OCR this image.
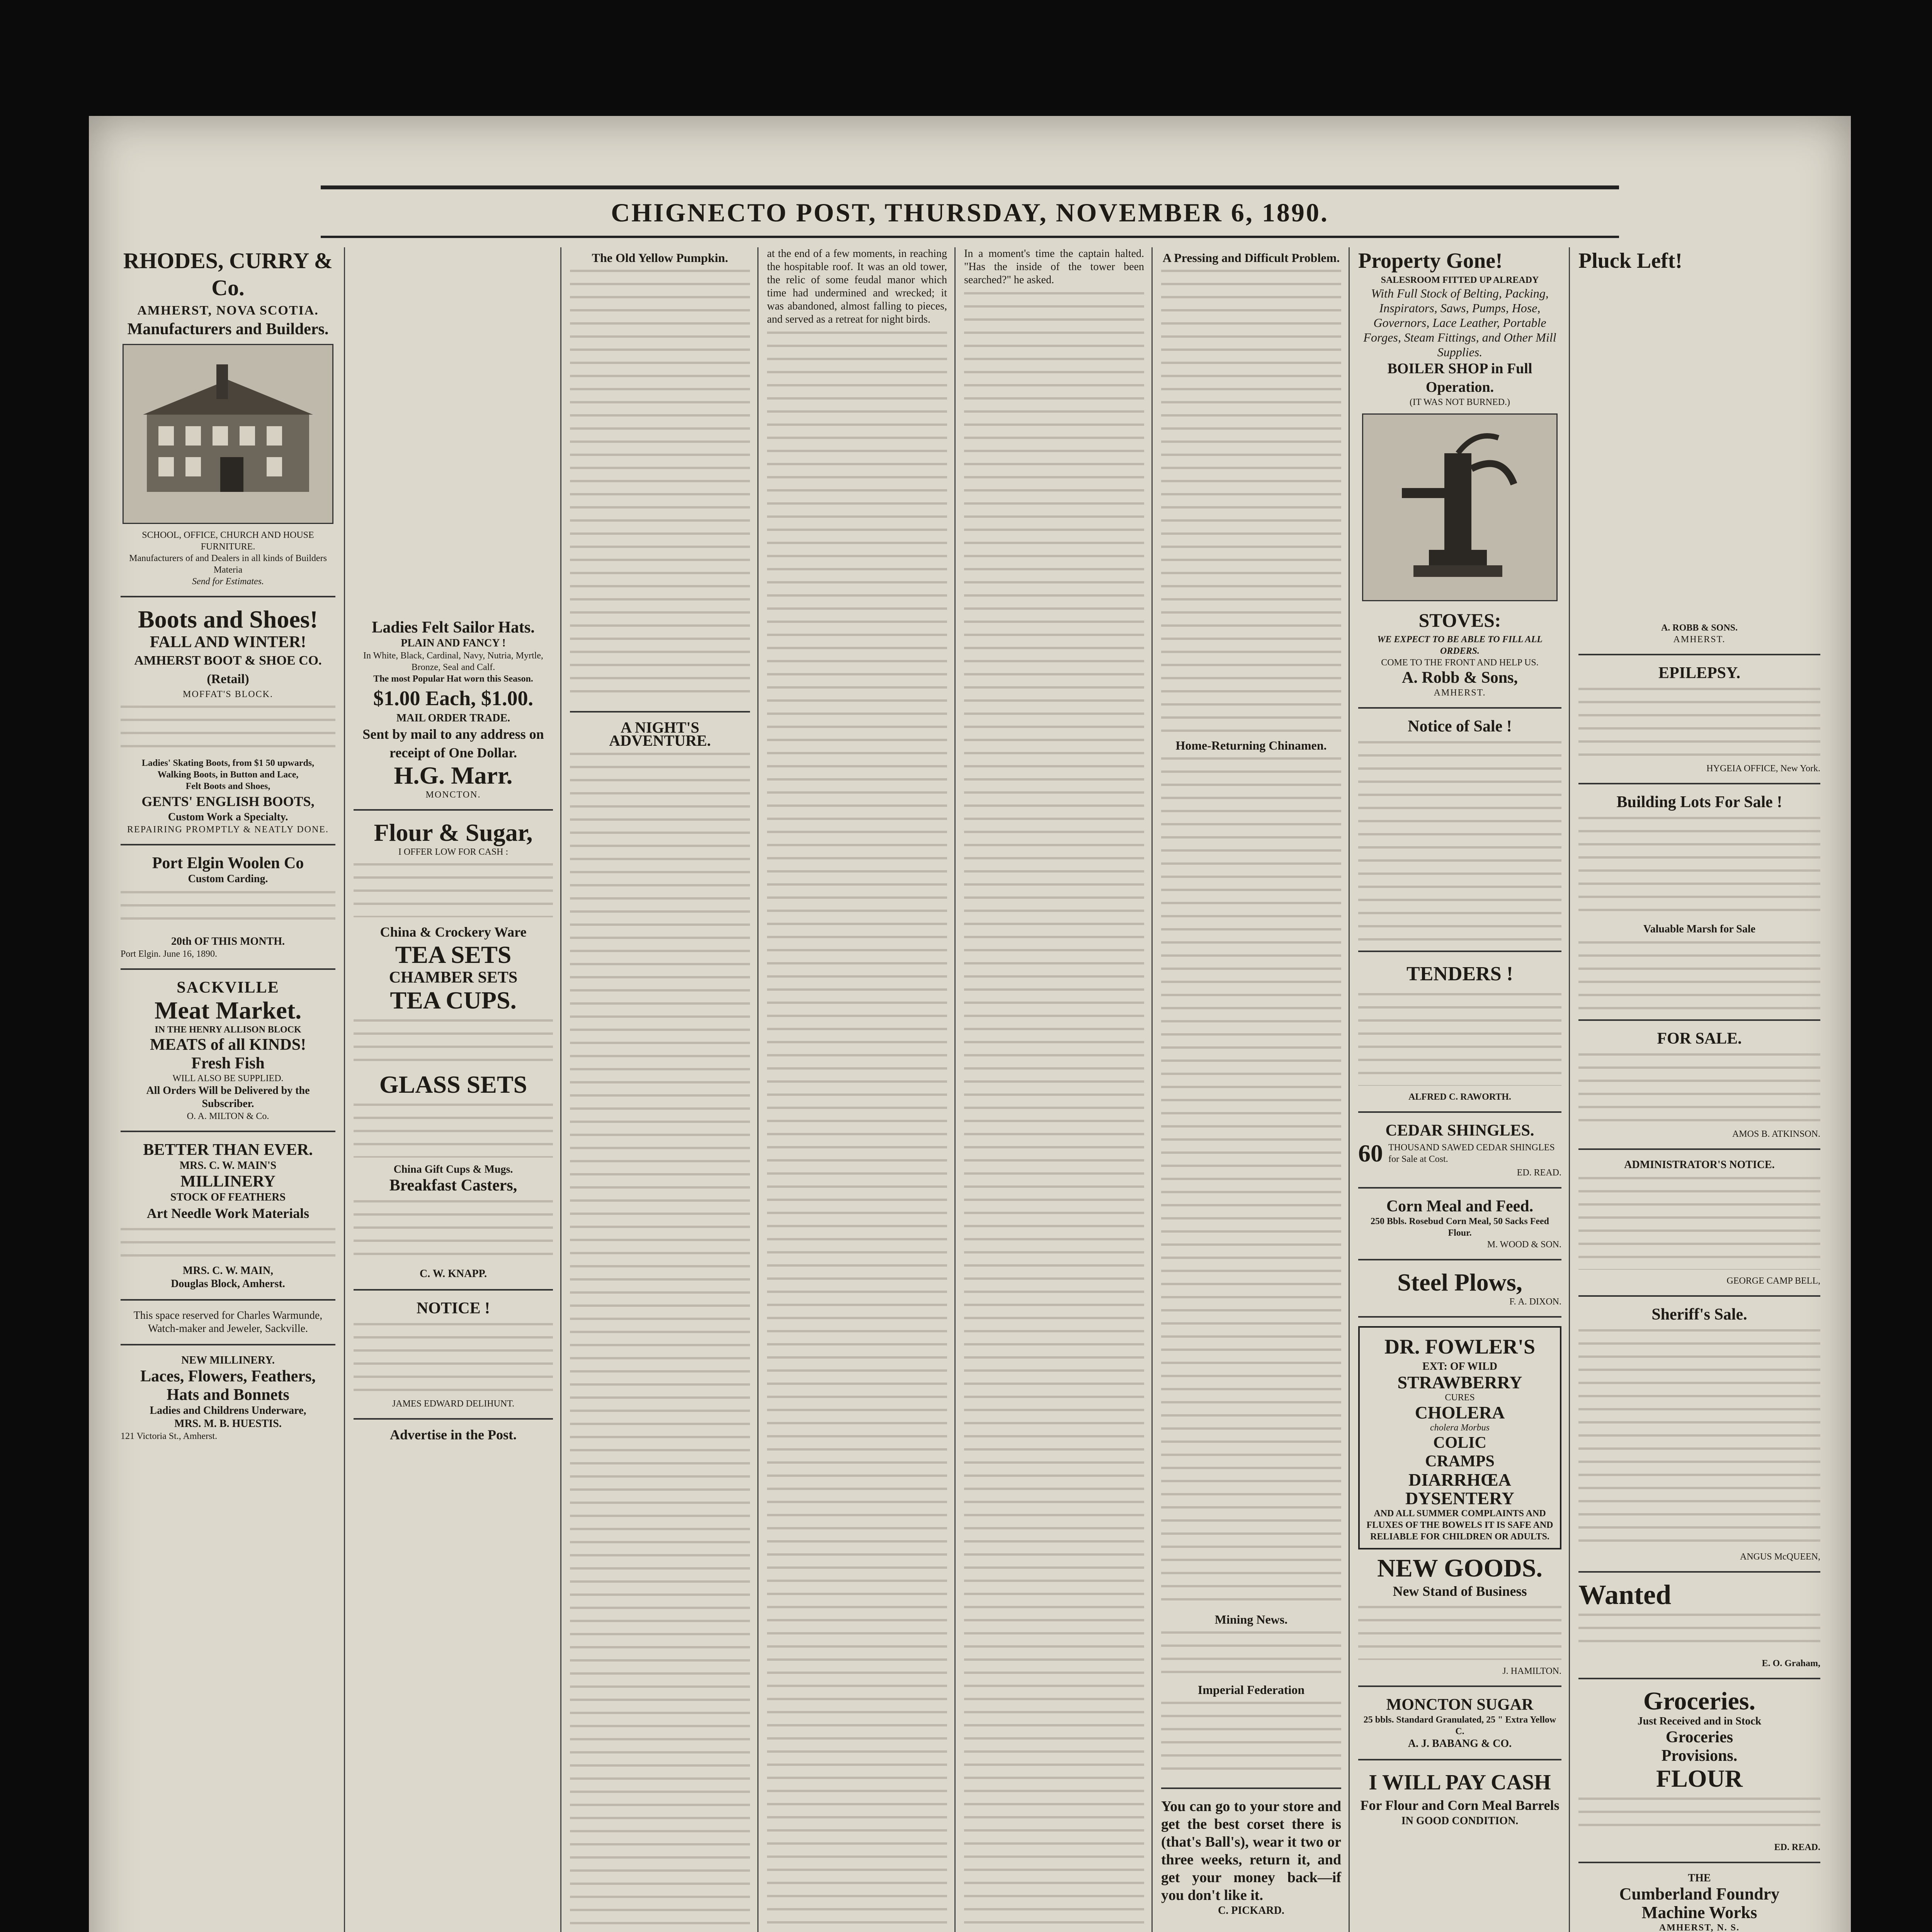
CHIGNECTO POST, THURSDAY, NOVEMBER 6, 1890.
RHODES, CURRY & Co.
AMHERST, NOVA SCOTIA.
Manufacturers and Builders.
SCHOOL, OFFICE, CHURCH AND HOUSE FURNITURE.
Manufacturers of and Dealers in all kinds of Builders Materia
Send for Estimates.
Boots and Shoes!
FALL AND WINTER!
AMHERST BOOT & SHOE CO. (Retail)
MOFFAT'S BLOCK.
Ladies' Skating Boots, from $1 50 upwards,
Walking Boots, in Button and Lace,
Felt Boots and Shoes,
GENTS' ENGLISH BOOTS,
Custom Work a Specialty.
REPAIRING PROMPTLY & NEATLY DONE.
Port Elgin Woolen Co
Custom Carding.
20th OF THIS MONTH.
Port Elgin. June 16, 1890.
SACKVILLE
Meat Market.
IN THE HENRY ALLISON BLOCK
MEATS of all KINDS!
Fresh Fish
WILL ALSO BE SUPPLIED.
All Orders Will be Delivered by the Subscriber.
O. A. MILTON & Co.
BETTER THAN EVER.
MRS. C. W. MAIN'S
MILLINERY
STOCK OF FEATHERS
Art Needle Work Materials
MRS. C. W. MAIN,
Douglas Block, Amherst.
This space reserved for Charles Warmunde, Watch-maker and Jeweler, Sackville.
NEW MILLINERY.
Laces, Flowers, Feathers,
Hats and Bonnets
Ladies and Childrens Underware,
MRS. M. B. HUESTIS.
121 Victoria St., Amherst.
Ladies Felt Sailor Hats.
PLAIN AND FANCY !
In White, Black, Cardinal, Navy, Nutria, Myrtle, Bronze, Seal and Calf.
The most Popular Hat worn this Season.
$1.00 Each, $1.00.
MAIL ORDER TRADE.
Sent by mail to any address on receipt of One Dollar.
H.G. Marr.
MONCTON.
Flour & Sugar,
I OFFER LOW FOR CASH :
China & Crockery Ware
TEA SETS
CHAMBER SETS
TEA CUPS.
GLASS SETS
China Gift Cups & Mugs.
Breakfast Casters,
C. W. KNAPP.
NOTICE !
JAMES EDWARD DELIHUNT.
Advertise in the Post.
The Old Yellow Pumpkin.
A NIGHT'S ADVENTURE.

at the end of a few moments, in reaching the hospitable roof. It was an old tower, the relic of some feudal manor which time had undermined and wrecked; it was abandoned, almost falling to pieces, and served as a retreat for night birds.

In a moment's time the captain halted. "Has the inside of the tower been searched?" he asked.

A Pressing and Difficult Problem.
Home-Returning Chinamen.
Mining News.
Imperial Federation
You can go to your store and get the best corset there is (that's Ball's), wear it two or three weeks, return it, and get your money back—if you don't like it.
C. PICKARD.
Property Gone!
SALESROOM FITTED UP ALREADY
With Full Stock of Belting, Packing, Inspirators, Saws, Pumps, Hose, Governors, Lace Leather, Portable Forges, Steam Fittings, and Other Mill Supplies.
BOILER SHOP in Full Operation.
(IT WAS NOT BURNED.)
STOVES:
WE EXPECT TO BE ABLE TO FILL ALL ORDERS.
COME TO THE FRONT AND HELP US.
A. Robb & Sons,
AMHERST.
Notice of Sale !
TENDERS !
ALFRED C. RAWORTH.
CEDAR SHINGLES.
60 THOUSAND SAWED CEDAR SHINGLES for Sale at Cost.
ED. READ.
Corn Meal and Feed.
250 Bbls. Rosebud Corn Meal, 50 Sacks Feed Flour.
M. WOOD & SON.
Steel Plows,
F. A. DIXON.
DR. FOWLER'S
EXT: OF WILD
STRAWBERRY
CURES
CHOLERA
cholera Morbus
COLIC
CRAMPS
DIARRHŒA
DYSENTERY
AND ALL SUMMER COMPLAINTS AND FLUXES OF THE BOWELS IT IS SAFE AND RELIABLE FOR CHILDREN OR ADULTS.
NEW GOODS.
New Stand of Business
J. HAMILTON.
MONCTON SUGAR
25 bbls. Standard Granulated, 25 " Extra Yellow C.
A. J. BABANG & CO.
I WILL PAY CASH
For Flour and Corn Meal Barrels
IN GOOD CONDITION.
Pluck Left!
A. ROBB & SONS.
AMHERST.
EPILEPSY.
HYGEIA OFFICE, New York.
Building Lots For Sale !
Valuable Marsh for Sale
FOR SALE.
AMOS B. ATKINSON.
ADMINISTRATOR'S NOTICE.
GEORGE CAMP BELL,
Sheriff's Sale.
ANGUS McQUEEN,
Wanted
E. O. Graham,
Groceries.
Just Received and in Stock
Groceries
Provisions.
FLOUR
ED. READ.
THE
Cumberland Foundry
Machine Works
AMHERST, N. S.
